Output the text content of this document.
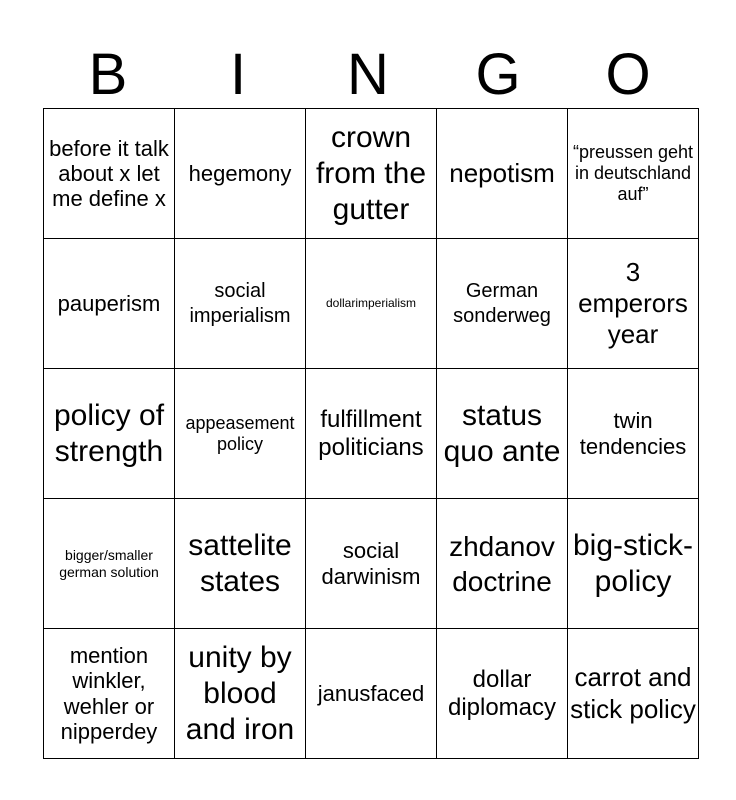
B	I	N	G	O
before it talk about x let me define x	hegemony	crown from the gutter	nepotism	“preussen geht in deutschland auf”

pauperism	social imperialism	dollarimperialism	German sonderweg	3 emperors year

policy of strength	appeasement policy	fulfillment politicians	status quo ante	twin tendencies

bigger/smaller german solution	sattelite states	social darwinism	zhdanov doctrine	big-stick-policy

mention winkler, wehler or nipperdey	unity by blood and iron	janusfaced	dollar diplomacy	carrot and stick policy
